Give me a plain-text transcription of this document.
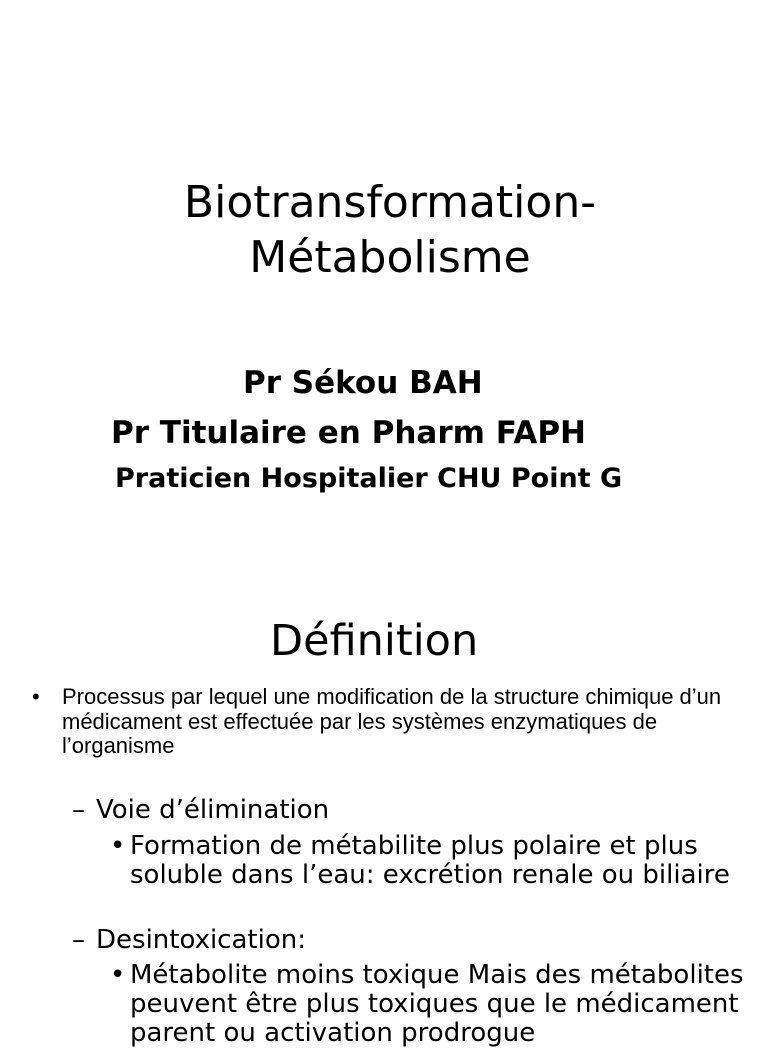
Biotransformation-
Métabolisme
Pr Sékou BAH
Pr Titulaire en Pharm FAPH
Praticien Hospitalier CHU Point G
Définition
• Processus par lequel une modification de la structure chimique d’un médicament est effectuée par les systèmes enzymatiques de l’organisme
– Voie d’élimination
• Formation de métabilite plus polaire et plus soluble dans l’eau: excrétion renale ou biliaire
– Desintoxication:
• Métabolite moins toxique Mais des métabolites peuvent être plus toxiques que le médicament parent ou activation prodrogue
